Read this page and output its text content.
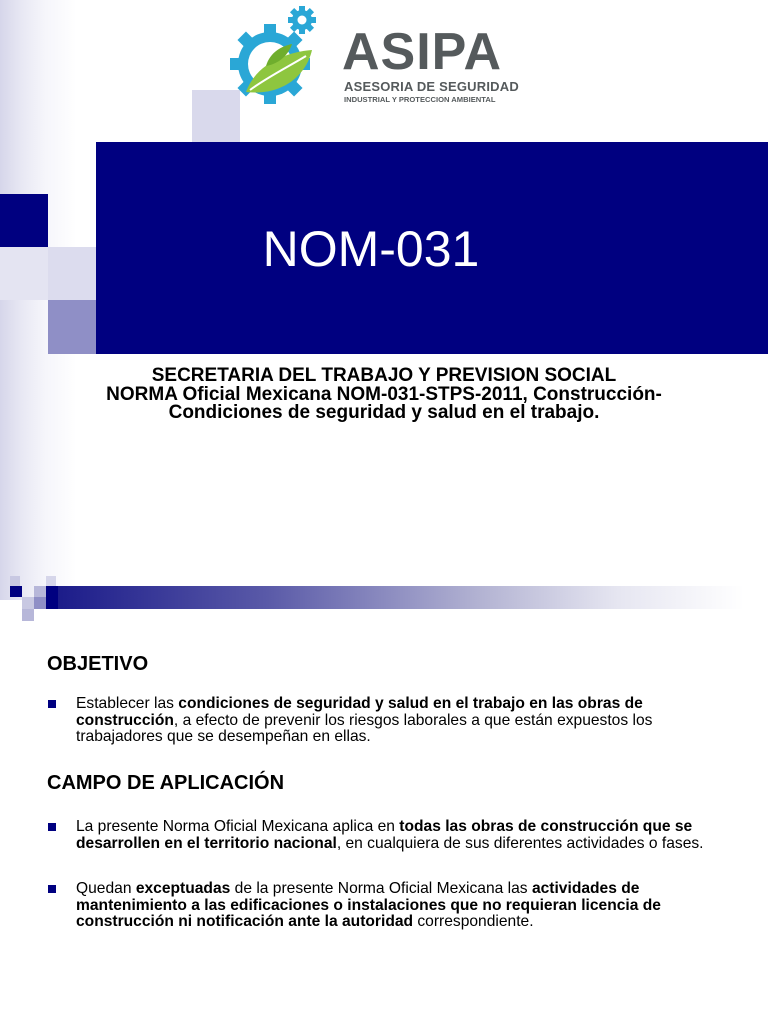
NOM-031
ASIPA
ASESORIA DE SEGURIDAD
INDUSTRIAL Y PROTECCION AMBIENTAL
SECRETARIA DEL TRABAJO Y PREVISION SOCIAL
NORMA Oficial Mexicana NOM-031-STPS-2011, Construcción-
Condiciones de seguridad y salud en el trabajo.
OBJETIVO
Establecer las condiciones de seguridad y salud en el trabajo en las obras de construcción, a efecto de prevenir los riesgos laborales a que están expuestos los trabajadores que se desempeñan en ellas.
CAMPO DE APLICACIÓN
La presente Norma Oficial Mexicana aplica en todas las obras de construcción que se desarrollen en el territorio nacional, en cualquiera de sus diferentes actividades o fases.
Quedan exceptuadas de la presente Norma Oficial Mexicana las actividades de mantenimiento a las edificaciones o instalaciones que no requieran licencia de construcción ni notificación ante la autoridad correspondiente.
